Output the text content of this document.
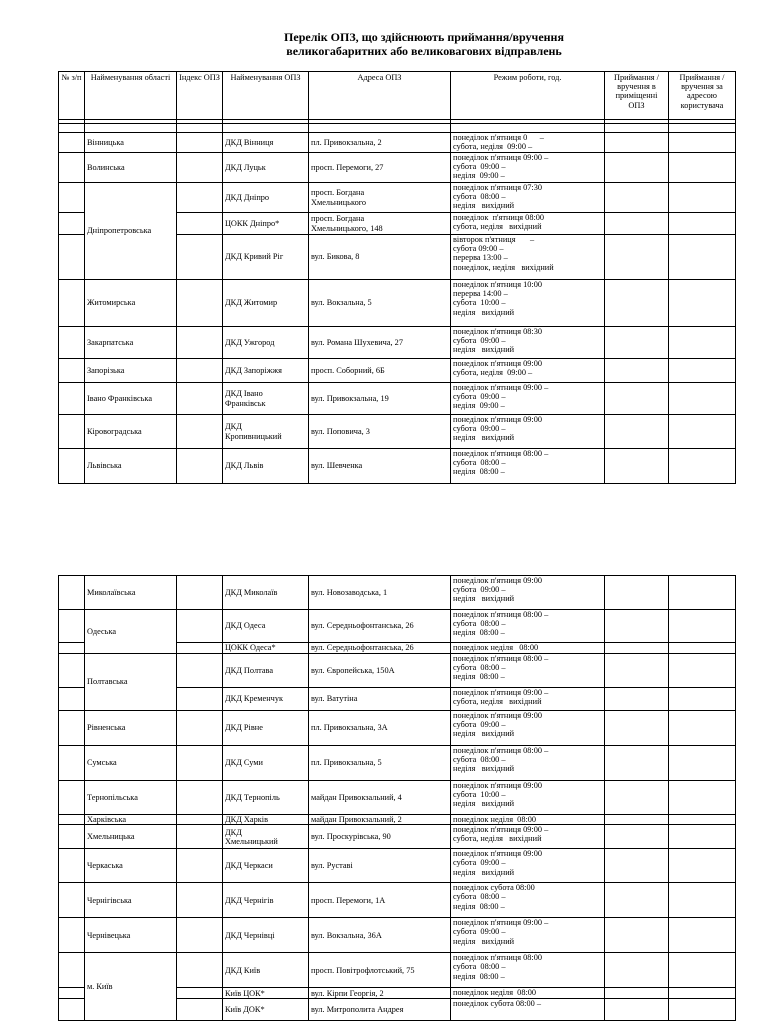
Перелік ОПЗ, що здійснюють приймання/вручення
великогабаритних або великовагових відправлень
№ з/п	Найменування області	Індекс ОПЗ	Найменування ОПЗ	Адреса ОПЗ	Режим роботи, год.	Приймання / вручення в приміщенні ОПЗ	Приймання / вручення за адресою користувача

	Вінницька		ДКД Вінниця	пл. Привокзальна, 2	понеділок п'ятниця 0      –
субота, неділя  09:00 –		
	Волинська		ДКД Луцьк	просп. Перемоги, 27	понеділок п'ятниця 09:00 –
субота  09:00 –
неділя  09:00 –		
	Дніпропетровська		ДКД Дніпро	просп. Богдана
Хмельницького	понеділок п'ятниця 07:30
субота  08:00 –
неділя   вихідний		
			ЦОКК Дніпро*	просп. Богдана
Хмельницького, 148	понеділок  п'ятниця 08:00
субота, неділя   вихідний		
			ДКД Кривий Ріг	вул. Бикова, 8	вівторок п'ятниця       –
субота 09:00 –
перерва 13:00 –
понеділок, неділя   вихідний		
	Житомирська		ДКД Житомир	вул. Вокзальна, 5	понеділок п'ятниця 10:00
перерва 14:00 –
субота  10:00 –
неділя   вихідний		
	Закарпатська		ДКД Ужгород	вул. Романа Шухевича, 27	понеділок п'ятниця 08:30
субота  09:00 –
неділя   вихідний		
	Запорізька		ДКД Запоріжжя	просп. Соборний, 6Б	понеділок п'ятниця 09:00
субота, неділя  09:00 –		
	Івано Франківська		ДКД Івано
Франківськ	вул. Привокзальна, 19	понеділок п'ятниця 09:00 –
субота  09:00 –
неділя  09:00 –		
	Кіровоградська		ДКД
Кропивницький	вул. Поповича, 3	понеділок п'ятниця 09:00
субота  09:00 –
неділя   вихідний		
	Львівська		ДКД Львів	вул. Шевченка	понеділок п'ятниця 08:00 –
субота  08:00 –
неділя  08:00 –		
	Миколаївська		ДКД Миколаїв	вул. Новозаводська, 1	понеділок п'ятниця 09:00
субота  09:00 –
неділя   вихідний		
	Одеська		ДКД Одеса	вул. Середньофонтанська, 26	понеділок п'ятниця 08:00 –
субота  08:00 –
неділя  08:00 –		
			ЦОКК Одеса*	вул. Середньофонтанська, 26	понеділок неділя   08:00		
	Полтавська		ДКД Полтава	вул. Європейська, 150А	понеділок п'ятниця 08:00 –
субота  08:00 –
неділя  08:00 –		
			ДКД Кременчук	вул. Ватутіна	понеділок п'ятниця 09:00 –
субота, неділя   вихідний		
	Рівненська		ДКД Рівне	пл. Привокзальна, 3А	понеділок п'ятниця 09:00
субота  09:00 –
неділя   вихідний		
	Сумська		ДКД Суми	пл. Привокзальна, 5	понеділок п'ятниця 08:00 –
субота  08:00 –
неділя   вихідний		
	Тернопільська		ДКД Тернопіль	майдан Привокзальний, 4	понеділок п'ятниця 09:00
субота  10:00 –
неділя   вихідний		
	Харківська		ДКД Харків	майдан Привокзальний, 2	понеділок неділя  08:00		
	Хмельницька		ДКД
Хмельницький	вул. Проскурівська, 90	понеділок п'ятниця 09:00 –
субота, неділя   вихідний		
	Черкаська		ДКД Черкаси	вул. Руставі	понеділок п'ятниця 09:00
субота  09:00 –
неділя   вихідний		
	Чернігівська		ДКД Чернігів	просп. Перемоги, 1А	понеділок субота 08:00
субота  08:00 –
неділя  08:00 –		
	Чернівецька		ДКД Чернівці	вул. Вокзальна, 36А	понеділок п'ятниця 09:00 –
субота  09:00 –
неділя   вихідний		
	м. Київ		ДКД Київ	просп. Повітрофлотський, 75	понеділок п'ятниця 08:00
субота  08:00 –
неділя  08:00 –		
			Київ ЦОК*	вул. Кірпи Георгія, 2	понеділок неділя  08:00		
			Київ ДОК*	вул. Митрополита Андрея	понеділок субота 08:00 –		
